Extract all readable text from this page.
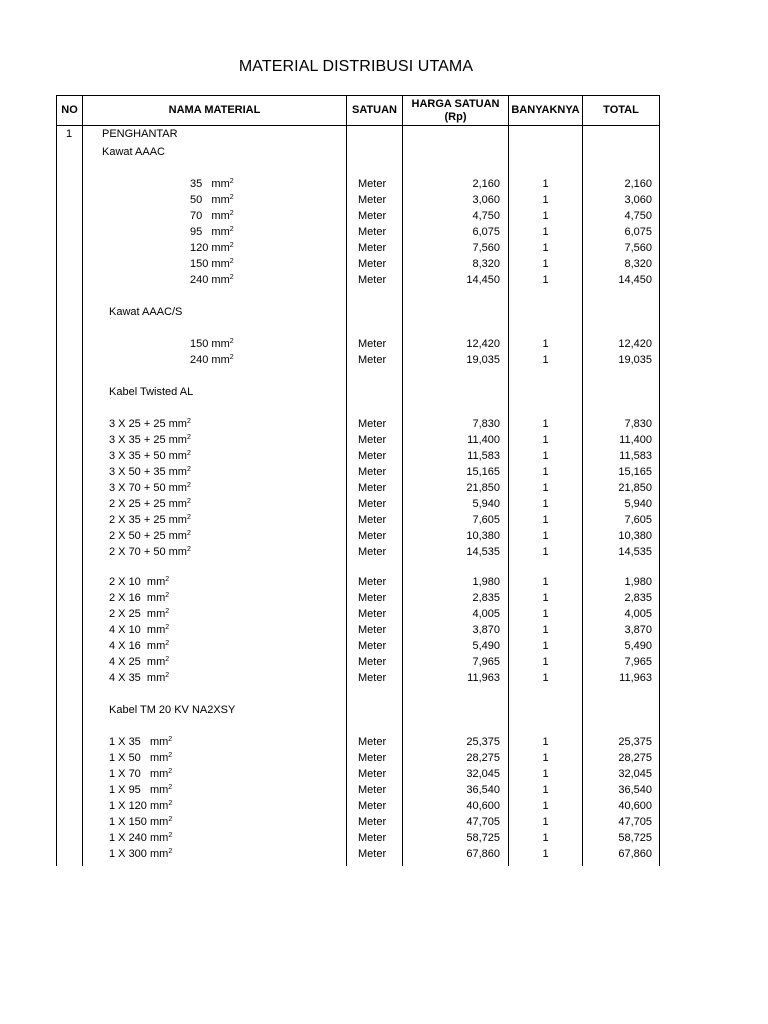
MATERIAL DISTRIBUSI UTAMA
NO	NAMA MATERIAL	SATUAN	HARGA SATUAN (Rp)	BANYAKNYA	TOTAL
1	PENGHANTAR				
	Kawat AAAC				

	35   $mm^2$	Meter	2,160	1	2,160
	50   $mm^2$	Meter	3,060	1	3,060
	70   $mm^2$	Meter	4,750	1	4,750
	95   $mm^2$	Meter	6,075	1	6,075
	120 $mm^2$	Meter	7,560	1	7,560
	150 $mm^2$	Meter	8,320	1	8,320
	240 $mm^2$	Meter	14,450	1	14,450

	Kawat AAAC/S				

	150 $mm^2$	Meter	12,420	1	12,420
	240 $mm^2$	Meter	19,035	1	19,035

	Kabel Twisted AL				

	3 X 25 + 25 $mm^2$	Meter	7,830	1	7,830
	3 X 35 + 25 $mm^2$	Meter	11,400	1	11,400
	3 X 35 + 50 $mm^2$	Meter	11,583	1	11,583
	3 X 50 + 35 $mm^2$	Meter	15,165	1	15,165
	3 X 70 + 50 $mm^2$	Meter	21,850	1	21,850
	2 X 25 + 25 $mm^2$	Meter	5,940	1	5,940
	2 X 35 + 25 $mm^2$	Meter	7,605	1	7,605
	2 X 50 + 25 $mm^2$	Meter	10,380	1	10,380
	2 X 70 + 50 $mm^2$	Meter	14,535	1	14,535

	2 X 10  $mm^2$	Meter	1,980	1	1,980
	2 X 16  $mm^2$	Meter	2,835	1	2,835
	2 X 25  $mm^2$	Meter	4,005	1	4,005
	4 X 10  $mm^2$	Meter	3,870	1	3,870
	4 X 16  $mm^2$	Meter	5,490	1	5,490
	4 X 25  $mm^2$	Meter	7,965	1	7,965
	4 X 35  $mm^2$	Meter	11,963	1	11,963

	Kabel TM 20 KV NA2XSY				

	1 X 35   $mm^2$	Meter	25,375	1	25,375
	1 X 50   $mm^2$	Meter	28,275	1	28,275
	1 X 70   $mm^2$	Meter	32,045	1	32,045
	1 X 95   $mm^2$	Meter	36,540	1	36,540
	1 X 120 $mm^2$	Meter	40,600	1	40,600
	1 X 150 $mm^2$	Meter	47,705	1	47,705
	1 X 240 $mm^2$	Meter	58,725	1	58,725
	1 X 300 $mm^2$	Meter	67,860	1	67,860
